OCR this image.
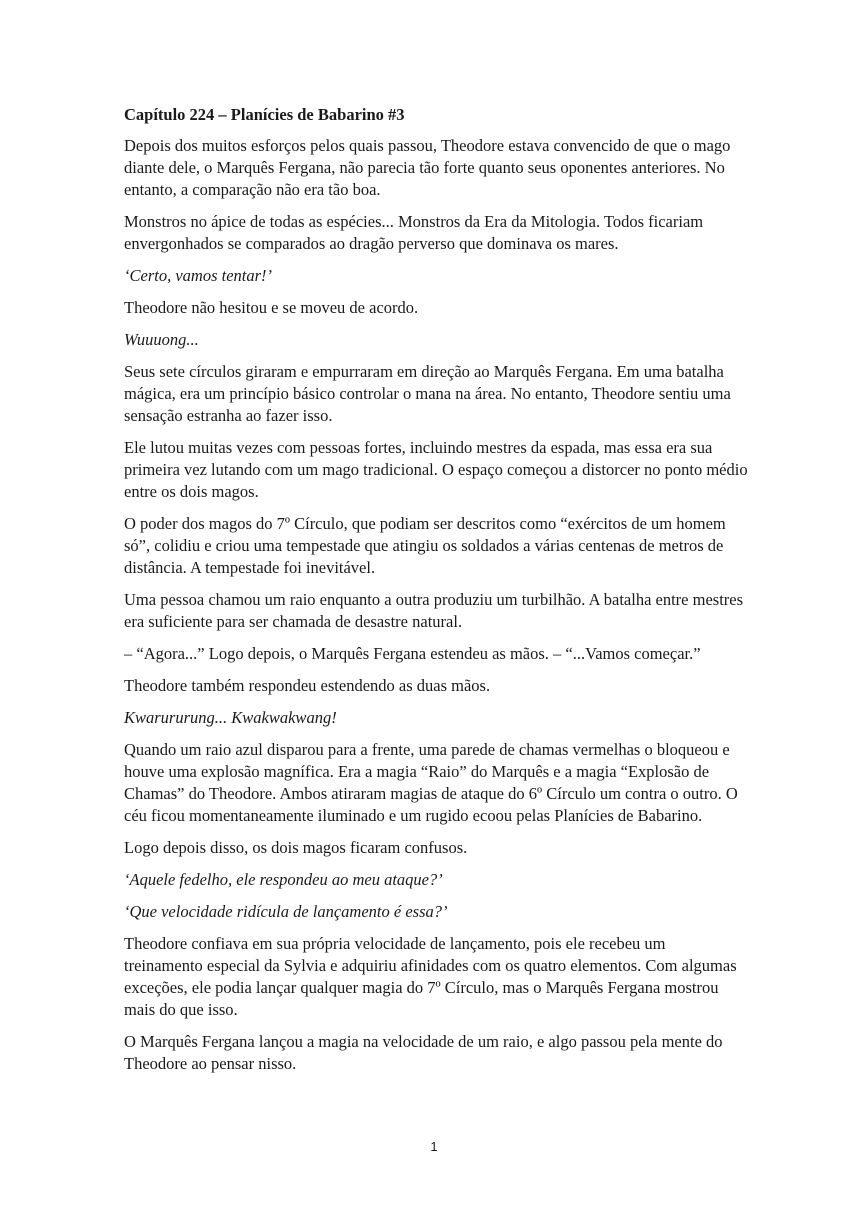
Capítulo 224 – Planícies de Babarino #3

Depois dos muitos esforços pelos quais passou, Theodore estava convencido de que o mago diante dele, o Marquês Fergana, não parecia tão forte quanto seus oponentes anteriores. No entanto, a comparação não era tão boa.

Monstros no ápice de todas as espécies... Monstros da Era da Mitologia. Todos ficariam envergonhados se comparados ao dragão perverso que dominava os mares.

‘Certo, vamos tentar!’

Theodore não hesitou e se moveu de acordo.

Wuuuong...

Seus sete círculos giraram e empurraram em direção ao Marquês Fergana. Em uma batalha mágica, era um princípio básico controlar o mana na área. No entanto, Theodore sentiu uma sensação estranha ao fazer isso.

Ele lutou muitas vezes com pessoas fortes, incluindo mestres da espada, mas essa era sua primeira vez lutando com um mago tradicional. O espaço começou a distorcer no ponto médio entre os dois magos.

O poder dos magos do 7º Círculo, que podiam ser descritos como “exércitos de um homem só”, colidiu e criou uma tempestade que atingiu os soldados a várias centenas de metros de distância. A tempestade foi inevitável.

Uma pessoa chamou um raio enquanto a outra produziu um turbilhão. A batalha entre mestres era suficiente para ser chamada de desastre natural.

– “Agora...” Logo depois, o Marquês Fergana estendeu as mãos. – “...Vamos começar.”

Theodore também respondeu estendendo as duas mãos.

Kwarururung... Kwakwakwang!

Quando um raio azul disparou para a frente, uma parede de chamas vermelhas o bloqueou e houve uma explosão magnífica. Era a magia “Raio” do Marquês e a magia “Explosão de Chamas” do Theodore. Ambos atiraram magias de ataque do 6º Círculo um contra o outro. O céu ficou momentaneamente iluminado e um rugido ecoou pelas Planícies de Babarino.

Logo depois disso, os dois magos ficaram confusos.

‘Aquele fedelho, ele respondeu ao meu ataque?’

‘Que velocidade ridícula de lançamento é essa?’

Theodore confiava em sua própria velocidade de lançamento, pois ele recebeu um treinamento especial da Sylvia e adquiriu afinidades com os quatro elementos. Com algumas exceções, ele podia lançar qualquer magia do 7º Círculo, mas o Marquês Fergana mostrou mais do que isso.

O Marquês Fergana lançou a magia na velocidade de um raio, e algo passou pela mente do Theodore ao pensar nisso.

1
